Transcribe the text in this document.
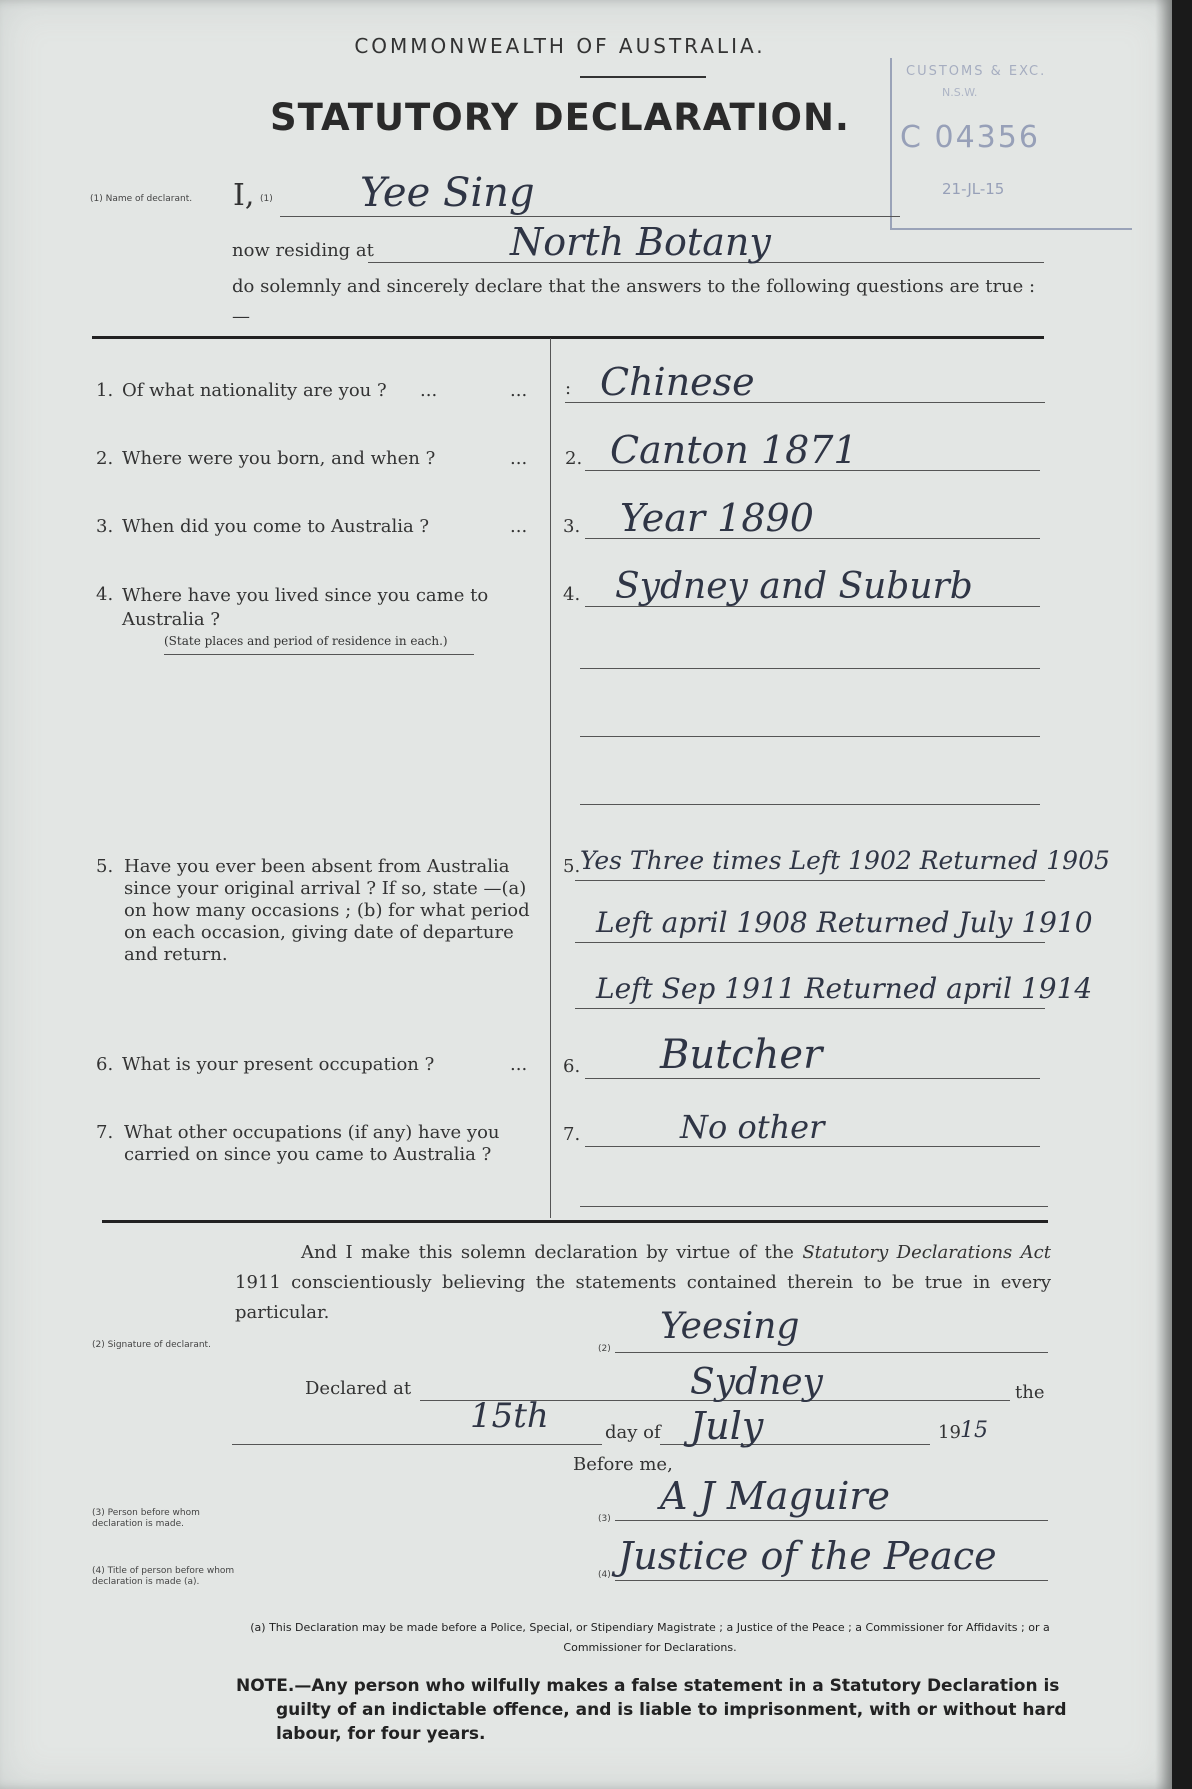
COMMONWEALTH OF AUSTRALIA.
STATUTORY DECLARATION.
CUSTOMS & EXC.
N.S.W.
C 04356
21-JL-15
(1) Name of declarant. I, (1) Yee Sing
now residing at	North Botany
do solemnly and sincerely declare that the answers to the following questions are true :—
1. Of what nationality are you ? ...	... : Chinese
2. Where were you born, and when ?	... 2. Canton 1871
3. When did you come to Australia ?	... 3. Year 1890
4. Where have you lived since you came to Australia ?
(State places and period of residence in each.)
4. Sydney and Suburb
5. Have you ever been absent from Australia since your original arrival ? If so, state —(a) on how many occasions ; (b) for what period on each occasion, giving date of departure and return.
5. Yes Three times Left 1902 Returned 1905
Left april 1908 Returned July 1910
Left Sep 1911 Returned april 1914
6. What is your present occupation ?	... 6. Butcher
7. What other occupations (if any) have you carried on since you came to Australia ?
7.	No other
And I make this solemn declaration by virtue of the Statutory Declarations Act 1911 conscientiously believing the statements contained therein to be true in every particular.
(2) Signature of declarant.	(2)
Yeesing
Declared at	Sydney	the
15th	day of July	19 15
Before me,
(3) Person before whom declaration is made.	(3)
A J Maguire
(4) Title of person before whom declaration is made (a).
(4) Justice of the Peace
(a) This Declaration may be made before a Police, Special, or Stipendiary Magistrate ; a Justice of the Peace ; a Commissioner for Affidavits ; or a Commissioner for Declarations.
NOTE.—Any person who wilfully makes a false statement in a Statutory Declaration is guilty of an indictable offence, and is liable to imprisonment, with or without hard labour, for four years.
